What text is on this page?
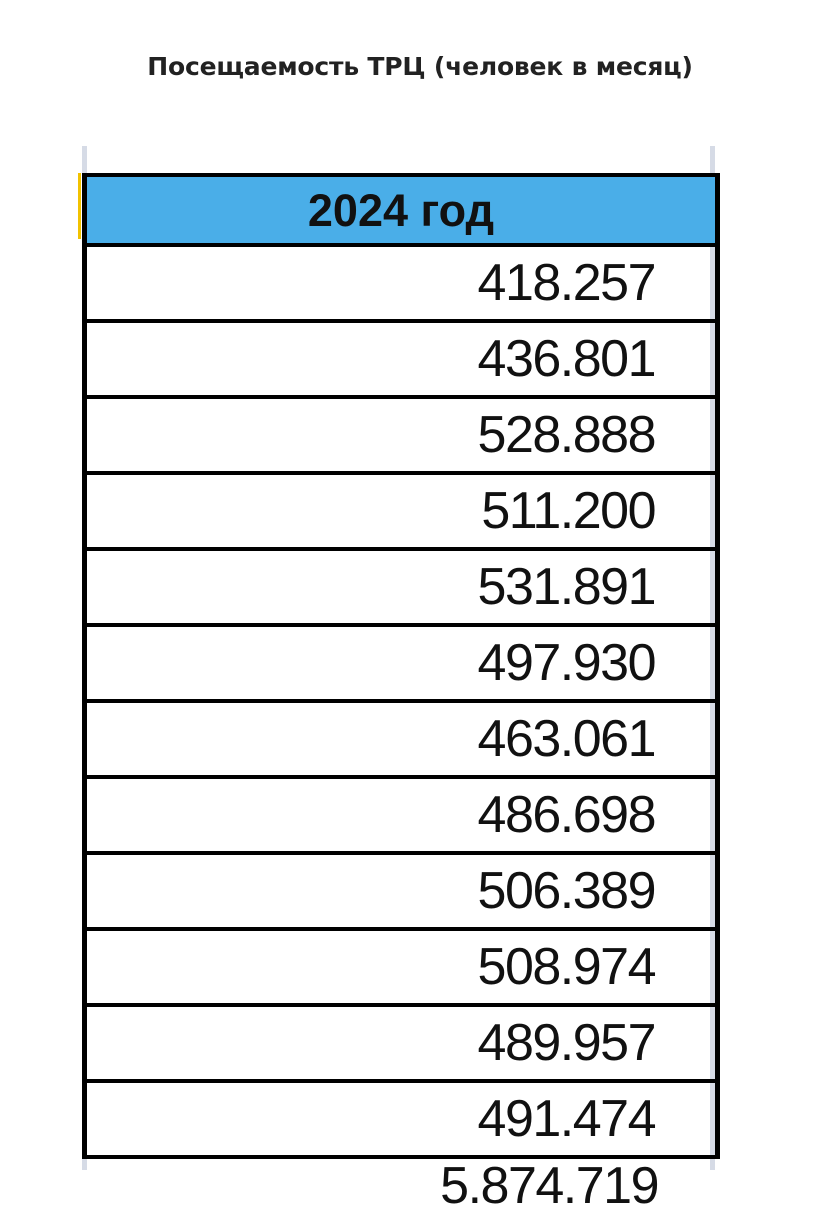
Посещаемость ТРЦ (человек в месяц)
2024 год
418.257
436.801
528.888
511.200
531.891
497.930
463.061
486.698
506.389
508.974
489.957
491.474
5.874.719
